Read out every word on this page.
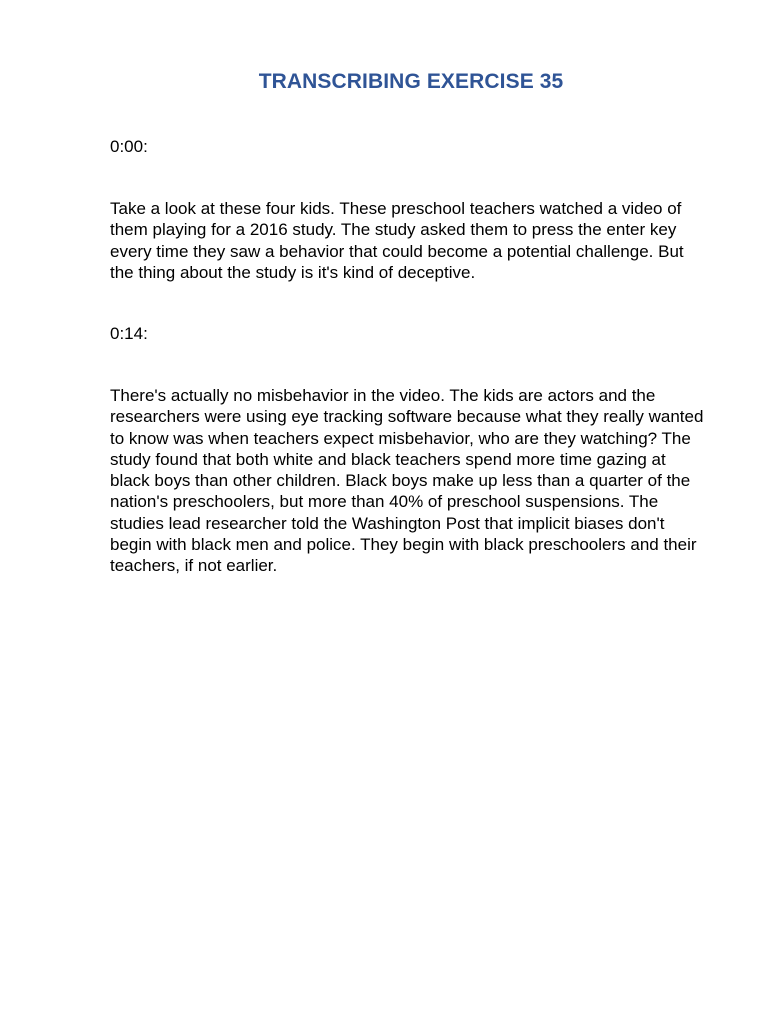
TRANSCRIBING EXERCISE 35

0:00:

Take a look at these four kids. These preschool teachers watched a video of them playing for a 2016 study. The study asked them to press the enter key every time they saw a behavior that could become a potential challenge. But the thing about the study is it's kind of deceptive.

0:14:

There's actually no misbehavior in the video. The kids are actors and the researchers were using eye tracking software because what they really wanted to know was when teachers expect misbehavior, who are they watching? The study found that both white and black teachers spend more time gazing at black boys than other children. Black boys make up less than a quarter of the nation's preschoolers, but more than 40% of preschool suspensions. The studies lead researcher told the Washington Post that implicit biases don't begin with black men and police. They begin with black preschoolers and their teachers, if not earlier.
